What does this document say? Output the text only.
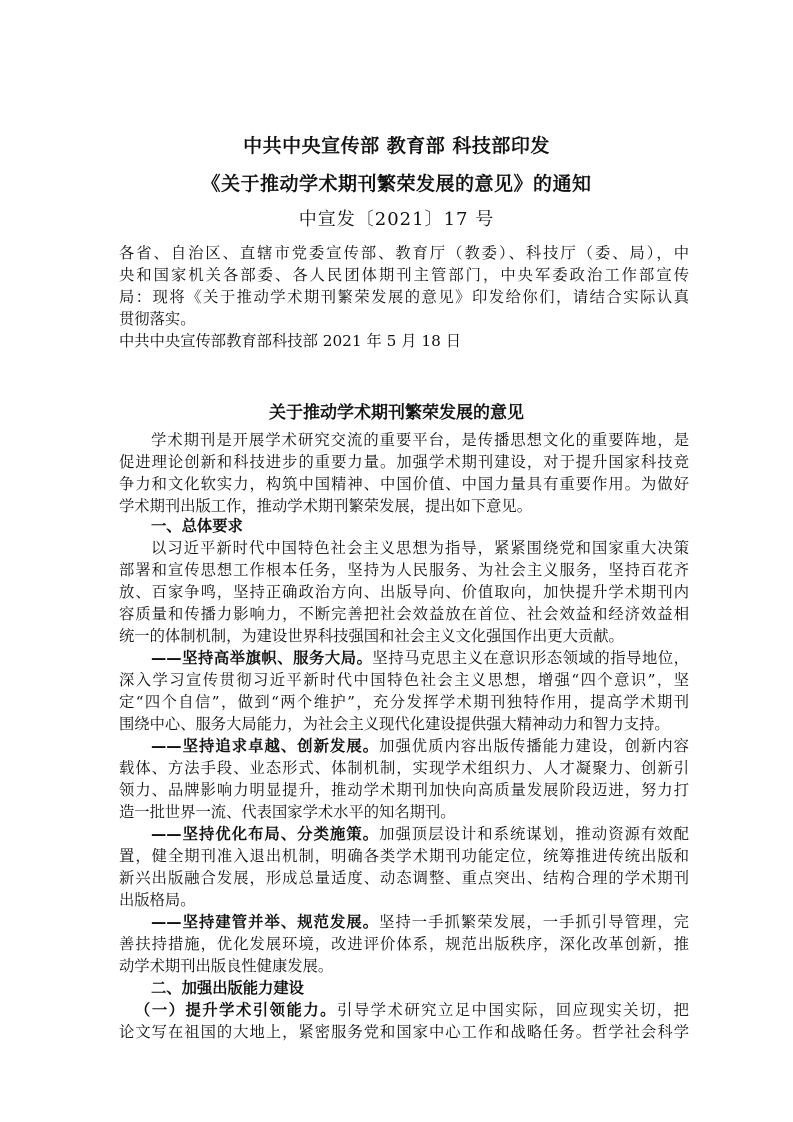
中共中央宣传部 教育部 科技部印发
《关于推动学术期刊繁荣发展的意见》的通知
中宣发〔2021〕17 号
各省、自治区、直辖市党委宣传部、教育厅（教委）、科技厅（委、局），中
央和国家机关各部委、各人民团体期刊主管部门，中央军委政治工作部宣传
局：现将《关于推动学术期刊繁荣发展的意见》印发给你们，请结合实际认真
贯彻落实。
中共中央宣传部教育部科技部 2021 年 5 月 18 日
关于推动学术期刊繁荣发展的意见
学术期刊是开展学术研究交流的重要平台，是传播思想文化的重要阵地，是
促进理论创新和科技进步的重要力量。加强学术期刊建设，对于提升国家科技竞
争力和文化软实力，构筑中国精神、中国价值、中国力量具有重要作用。为做好
学术期刊出版工作，推动学术期刊繁荣发展，提出如下意见。
一、总体要求
以习近平新时代中国特色社会主义思想为指导，紧紧围绕党和国家重大决策
部署和宣传思想工作根本任务，坚持为人民服务、为社会主义服务，坚持百花齐
放、百家争鸣，坚持正确政治方向、出版导向、价值取向，加快提升学术期刊内
容质量和传播力影响力，不断完善把社会效益放在首位、社会效益和经济效益相
统一的体制机制，为建设世界科技强国和社会主义文化强国作出更大贡献。
——坚持高举旗帜、服务大局。坚持马克思主义在意识形态领域的指导地位，
深入学习宣传贯彻习近平新时代中国特色社会主义思想，增强“四个意识”，坚
定“四个自信”，做到“两个维护”，充分发挥学术期刊独特作用，提高学术期刊
围绕中心、服务大局能力，为社会主义现代化建设提供强大精神动力和智力支持。
——坚持追求卓越、创新发展。加强优质内容出版传播能力建设，创新内容
载体、方法手段、业态形式、体制机制，实现学术组织力、人才凝聚力、创新引
领力、品牌影响力明显提升，推动学术期刊加快向高质量发展阶段迈进，努力打
造一批世界一流、代表国家学术水平的知名期刊。
——坚持优化布局、分类施策。加强顶层设计和系统谋划，推动资源有效配
置，健全期刊准入退出机制，明确各类学术期刊功能定位，统筹推进传统出版和
新兴出版融合发展，形成总量适度、动态调整、重点突出、结构合理的学术期刊
出版格局。
——坚持建管并举、规范发展。坚持一手抓繁荣发展，一手抓引导管理，完
善扶持措施，优化发展环境，改进评价体系，规范出版秩序，深化改革创新，推
动学术期刊出版良性健康发展。
二、加强出版能力建设
（一）提升学术引领能力。引导学术研究立足中国实际，回应现实关切，把
论文写在祖国的大地上，紧密服务党和国家中心工作和战略任务。哲学社会科学
